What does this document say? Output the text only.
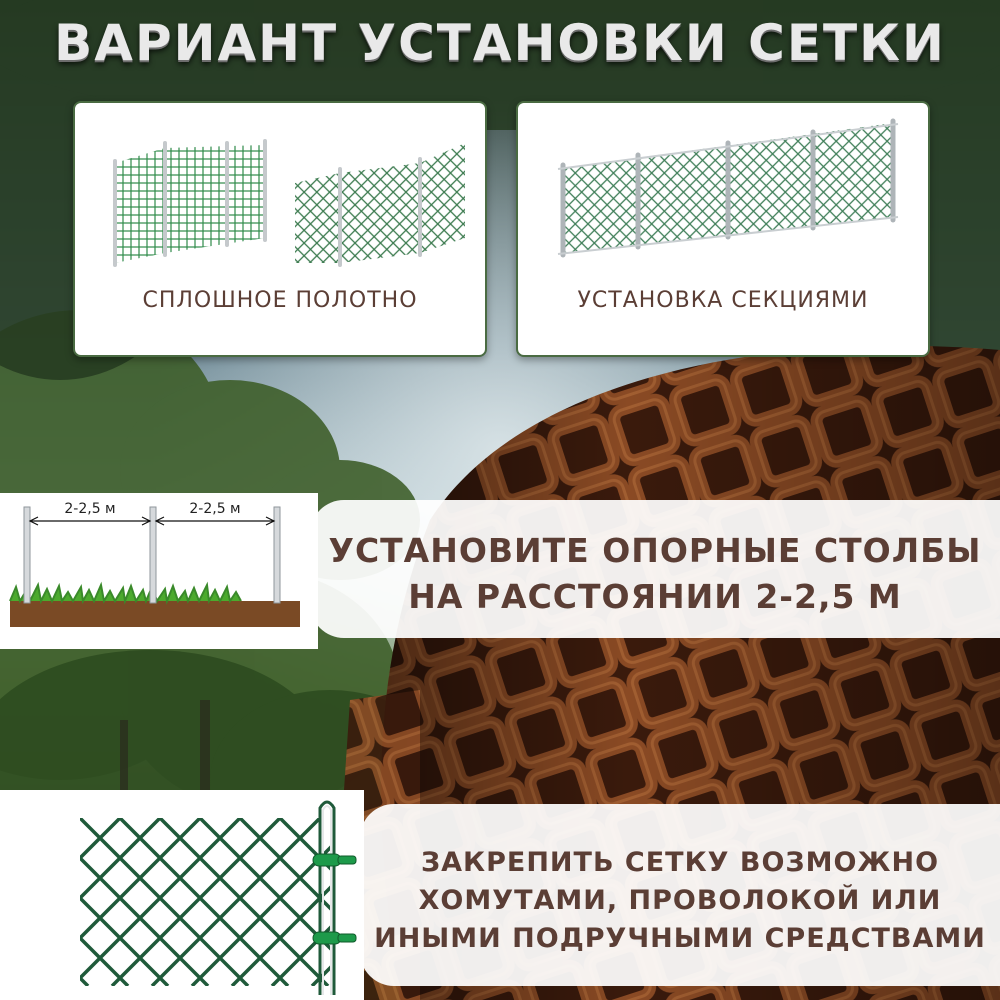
ВАРИАНТ УСТАНОВКИ СЕТКИ
СПЛОШНОЕ ПОЛОТНО	УСТАНОВКА СЕКЦИЯМИ
2-2,5 м	2-2,5 м
УСТАНОВИТЕ ОПОРНЫЕ СТОЛБЫ
НА РАССТОЯНИИ 2-2,5 М
ЗАКРЕПИТЬ СЕТКУ ВОЗМОЖНО
ХОМУТАМИ, ПРОВОЛОКОЙ ИЛИ
ИНЫМИ ПОДРУЧНЫМИ СРЕДСТВАМИ
